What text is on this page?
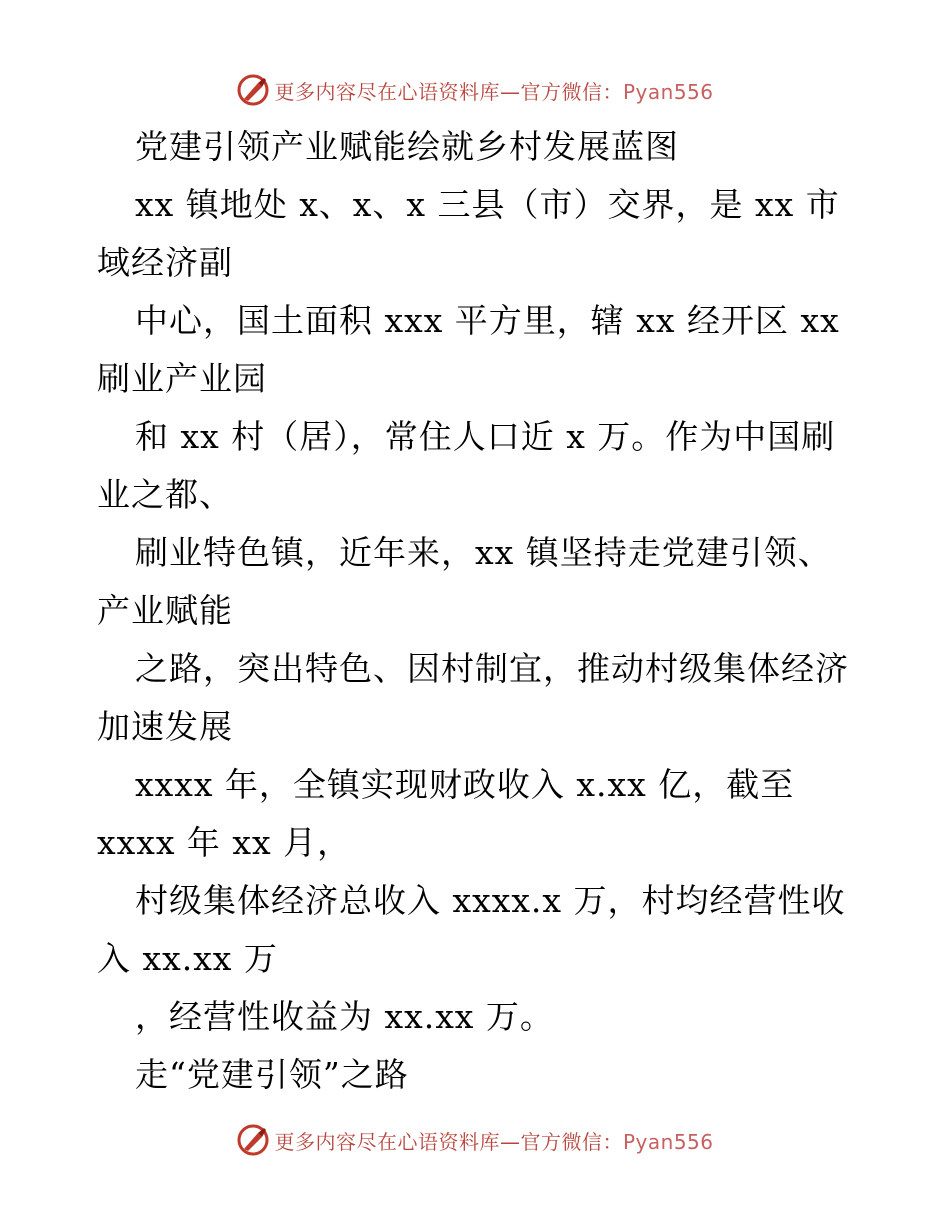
更多内容尽在心语资料库—官方微信：Pyan556
党建引领产业赋能绘就乡村发展蓝图
xx 镇地处 x、x、x 三县（市）交界，是 xx 市
域经济副
中心，国土面积 xxx 平方里，辖 xx 经开区 xx
刷业产业园
和 xx 村（居），常住人口近 x 万。作为中国刷
业之都、
刷业特色镇，近年来，xx 镇坚持走党建引领、
产业赋能
之路，突出特色、因村制宜，推动村级集体经济
加速发展
xxxx 年，全镇实现财政收入 x.xx 亿，截至
xxxx 年 xx 月，
村级集体经济总收入 xxxx.x 万，村均经营性收
入 xx.xx 万
，经营性收益为 xx.xx 万。
走“党建引领”之路
更多内容尽在心语资料库—官方微信：Pyan556
